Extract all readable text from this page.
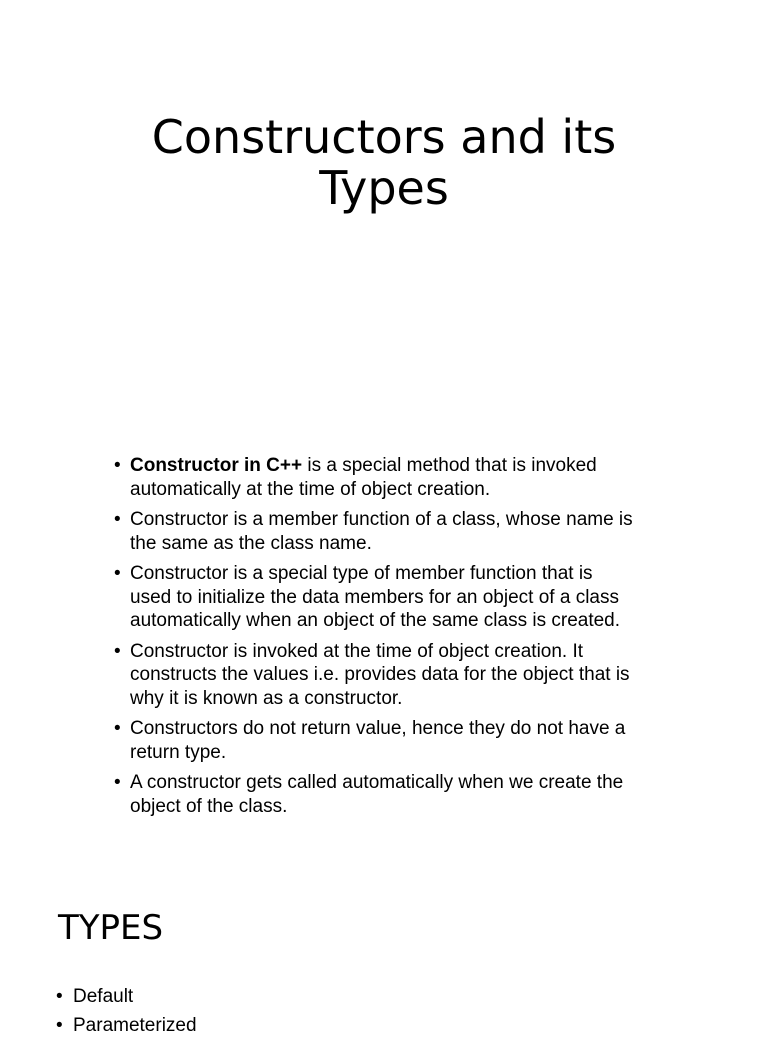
Constructors and its
Types
• Constructor in C++ is a special method that is invoked automatically at the time of object creation.
• Constructor is a member function of a class, whose name is the same as the class name.
• Constructor is a special type of member function that is used to initialize the data members for an object of a class automatically when an object of the same class is created.
• Constructor is invoked at the time of object creation. It constructs the values i.e. provides data for the object that is why it is known as a constructor.
• Constructors do not return value, hence they do not have a return type.
• A constructor gets called automatically when we create the object of the class.
TYPES
• Default
• Parameterized
